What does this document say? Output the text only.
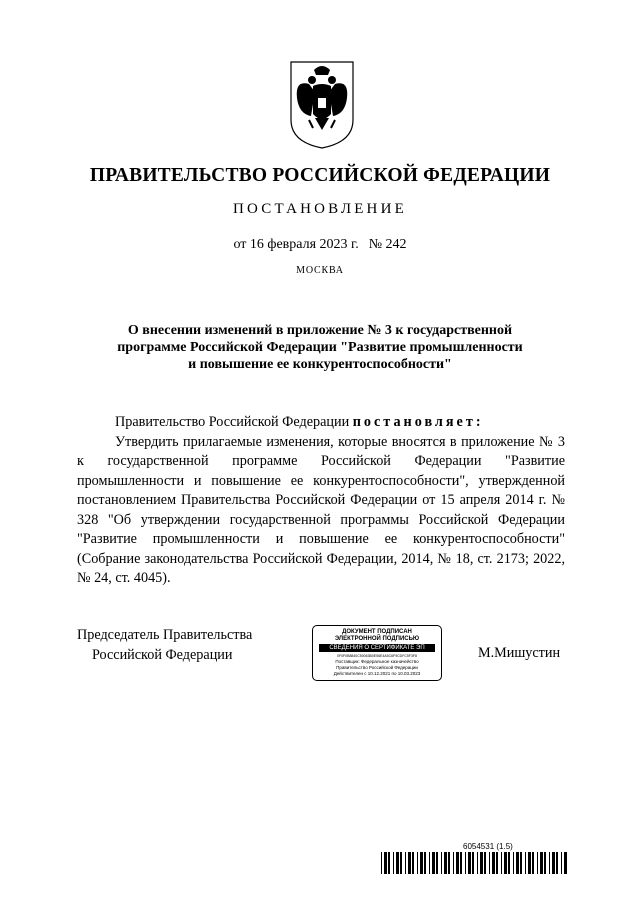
ПРАВИТЕЛЬСТВО РОССИЙСКОЙ ФЕДЕРАЦИИ
ПОСТАНОВЛЕНИЕ
от 16 февраля 2023 г. № 242
МОСКВА
О внесении изменений в приложение № 3 к государственной
программе Российской Федерации "Развитие промышленности
и повышение ее конкурентоспособности"

Правительство Российской Федерации постановляет:

Утвердить прилагаемые изменения, которые вносятся в приложение № 3 к государственной программе Российской Федерации "Развитие промышленности и повышение ее конкурентоспособности", утвержденной постановлением Правительства Российской Федерации от 15 апреля 2014 г. № 328 "Об утверждении государственной программы Российской Федерации "Развитие промышленности и повышение ее конкурентоспособности" (Собрание законодательства Российской Федерации, 2014, № 18, ст. 2173; 2022, № 24, ст. 4045).

Председатель Правительства
Российской Федерации
ДОКУМЕНТ ПОДПИСАН
ЭЛЕКТРОННОЙ ПОДПИСЬЮ
СВЕДЕНИЯ О СЕРТИФИКАТЕ ЭП
0F0F0B8840C50063B0E56E4A5C6F9CDFC5F3F8
Поставщик: Федеральное казначейство
Правительство Российской Федерации
Действителен с 10.12.2021 по 10.03.2023
М.Мишустин
6054531 (1.5)
